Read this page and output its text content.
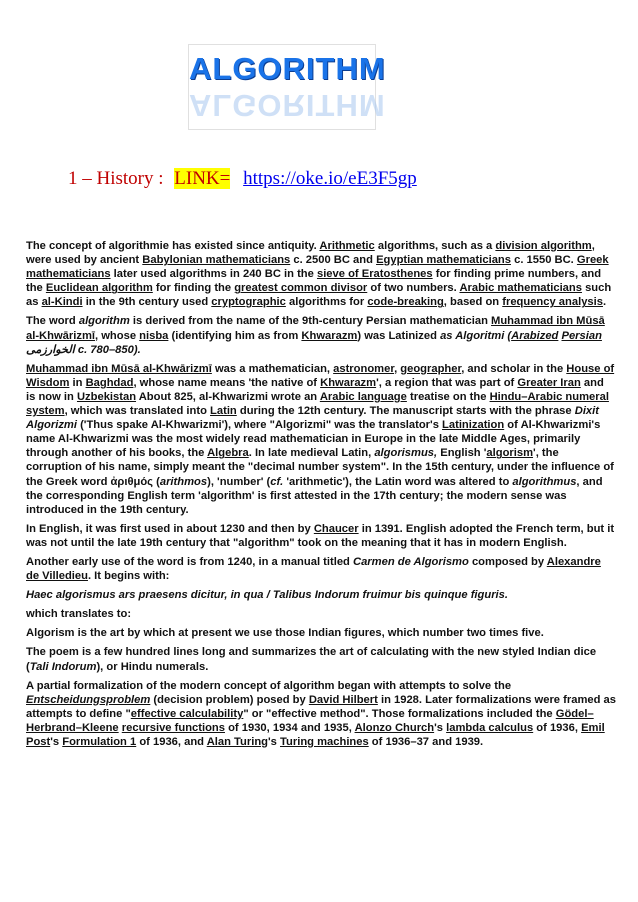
ALGORITHM
ALGORITHM
1 – History : LINK= https://oke.io/eE3F5gp

The concept of algorithmie has existed since antiquity. Arithmetic algorithms, such as a division algorithm, were used by ancient Babylonian mathematicians c. 2500 BC and Egyptian mathematicians c. 1550 BC. Greek mathematicians later used algorithms in 240 BC in the sieve of Eratosthenes for finding prime numbers, and the Euclidean algorithm for finding the greatest common divisor of two numbers. Arabic mathematicians such as al-Kindi in the 9th century used cryptographic algorithms for code-breaking, based on frequency analysis.

The word algorithm is derived from the name of the 9th-century Persian mathematician Muhammad ibn Mūsā al-Khwārizmī, whose nisba (identifying him as from Khwarazm) was Latinized as Algoritmi (Arabized Persian الخوارزمی c. 780–850).

Muhammad ibn Mūsā al-Khwārizmī was a mathematician, astronomer, geographer, and scholar in the House of Wisdom in Baghdad, whose name means 'the native of Khwarazm', a region that was part of Greater Iran and is now in Uzbekistan About 825, al-Khwarizmi wrote an Arabic language treatise on the Hindu–Arabic numeral system, which was translated into Latin during the 12th century. The manuscript starts with the phrase Dixit Algorizmi ('Thus spake Al-Khwarizmi'), where "Algorizmi" was the translator's Latinization of Al-Khwarizmi's name Al-Khwarizmi was the most widely read mathematician in Europe in the late Middle Ages, primarily through another of his books, the Algebra. In late medieval Latin, algorismus, English 'algorism', the corruption of his name, simply meant the "decimal number system". In the 15th century, under the influence of the Greek word ἀριθμός (arithmos), 'number' (cf. 'arithmetic'), the Latin word was altered to algorithmus, and the corresponding English term 'algorithm' is first attested in the 17th century; the modern sense was introduced in the 19th century.

In English, it was first used in about 1230 and then by Chaucer in 1391. English adopted the French term, but it was not until the late 19th century that "algorithm" took on the meaning that it has in modern English.

Another early use of the word is from 1240, in a manual titled Carmen de Algorismo composed by Alexandre de Villedieu. It begins with:

Haec algorismus ars praesens dicitur, in qua / Talibus Indorum fruimur bis quinque figuris.

which translates to:

Algorism is the art by which at present we use those Indian figures, which number two times five.

The poem is a few hundred lines long and summarizes the art of calculating with the new styled Indian dice (Tali Indorum), or Hindu numerals.

A partial formalization of the modern concept of algorithm began with attempts to solve the Entscheidungsproblem (decision problem) posed by David Hilbert in 1928. Later formalizations were framed as attempts to define "effective calculability" or "effective method". Those formalizations included the Gödel–Herbrand–Kleene recursive functions of 1930, 1934 and 1935, Alonzo Church's lambda calculus of 1936, Emil Post's Formulation 1 of 1936, and Alan Turing's Turing machines of 1936–37 and 1939.
